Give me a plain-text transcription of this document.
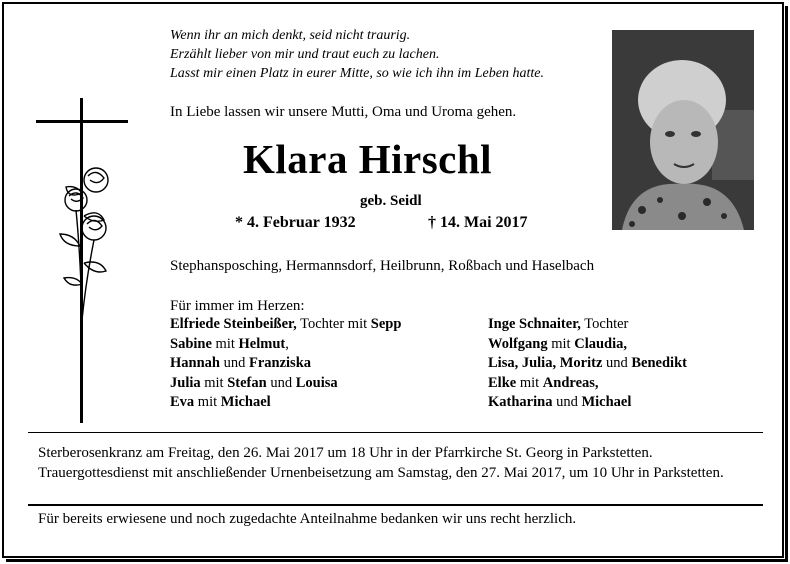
Wenn ihr an mich denkt, seid nicht traurig.
Erzählt lieber von mir und traut euch zu lachen.
Lasst mir einen Platz in eurer Mitte, so wie ich ihn im Leben hatte.
In Liebe lassen wir unsere Mutti, Oma und Uroma gehen.
Klara Hirschl
geb. Seidl
* 4. Februar 1932	† 14. Mai 2017
Stephansposching, Hermannsdorf, Heilbrunn, Roßbach und Haselbach
Für immer im Herzen:
Elfriede Steinbeißer, Tochter mit Sepp
Sabine mit Helmut,
Hannah und Franziska
Julia mit Stefan und Louisa
Eva mit Michael
Inge Schnaiter, Tochter
Wolfgang mit Claudia,
Lisa, Julia, Moritz und Benedikt
Elke mit Andreas,
Katharina und Michael
Sterberosenkranz am Freitag, den 26. Mai 2017 um 18 Uhr in der Pfarrkirche St. Georg in Parkstetten. Trauergottesdienst mit anschließender Urnenbeisetzung am Samstag, den 27. Mai 2017, um 10 Uhr in Parkstetten.
Für bereits erwiesene und noch zugedachte Anteilnahme bedanken wir uns recht herzlich.
